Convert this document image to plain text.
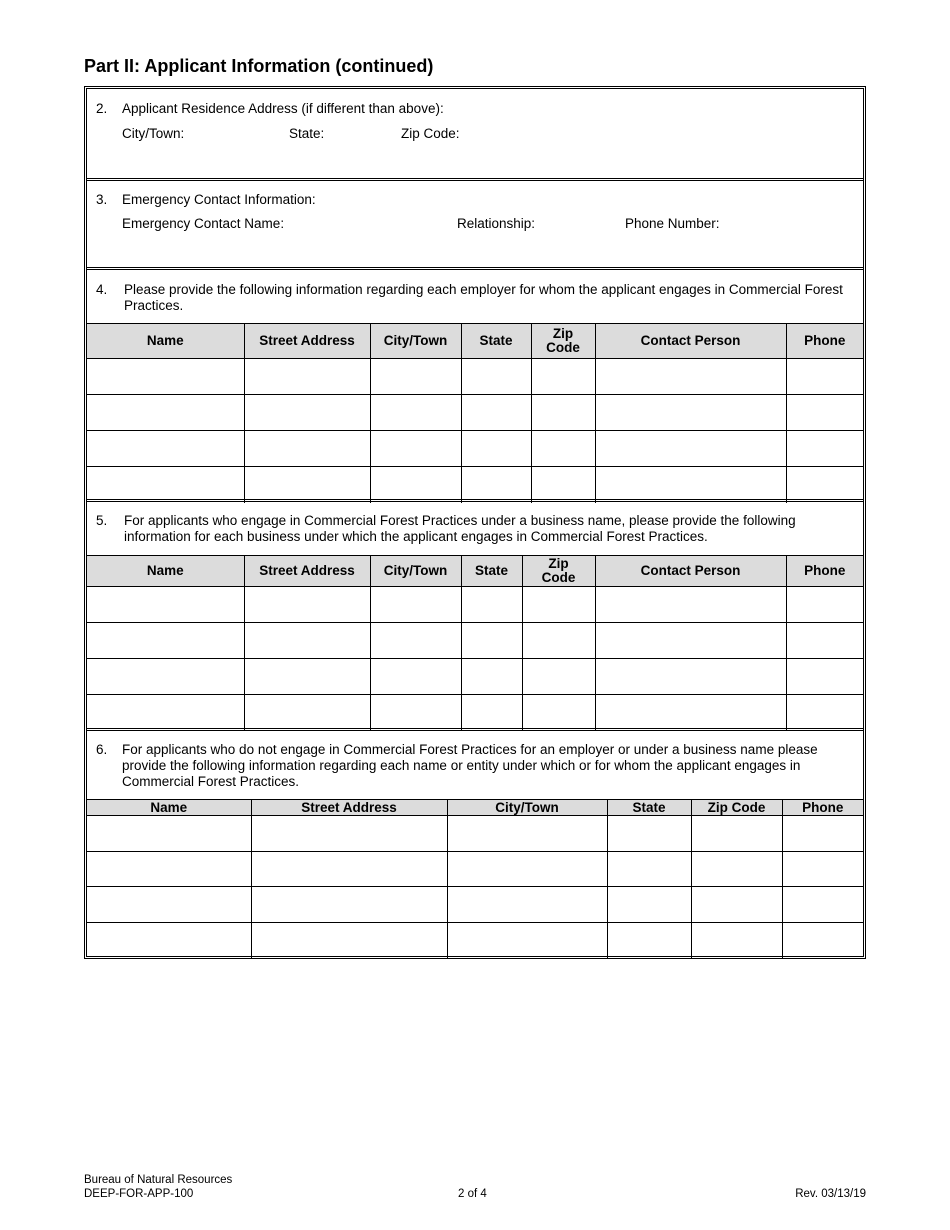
Part II: Applicant Information (continued)
2. Applicant Residence Address (if different than above):
City/Town:	State:	Zip Code:
3. Emergency Contact Information:
Emergency Contact Name:	Relationship:	Phone Number:
4. Please provide the following information regarding each employer for whom the applicant engages in Commercial Forest Practices.
Name	Street Address	City/Town	State	Zip Code	Contact Person	Phone

5. For applicants who engage in Commercial Forest Practices under a business name, please provide the following information for each business under which the applicant engages in Commercial Forest Practices.
Name	Street Address	City/Town	State	Zip Code	Contact Person	Phone

6. For applicants who do not engage in Commercial Forest Practices for an employer or under a business name please provide the following information regarding each name or entity under which or for whom the applicant engages in Commercial Forest Practices.
Name	Street Address	City/Town	State	Zip Code	Phone

Bureau of Natural Resources
DEEP-FOR-APP-100	2 of 4	Rev. 03/13/19
